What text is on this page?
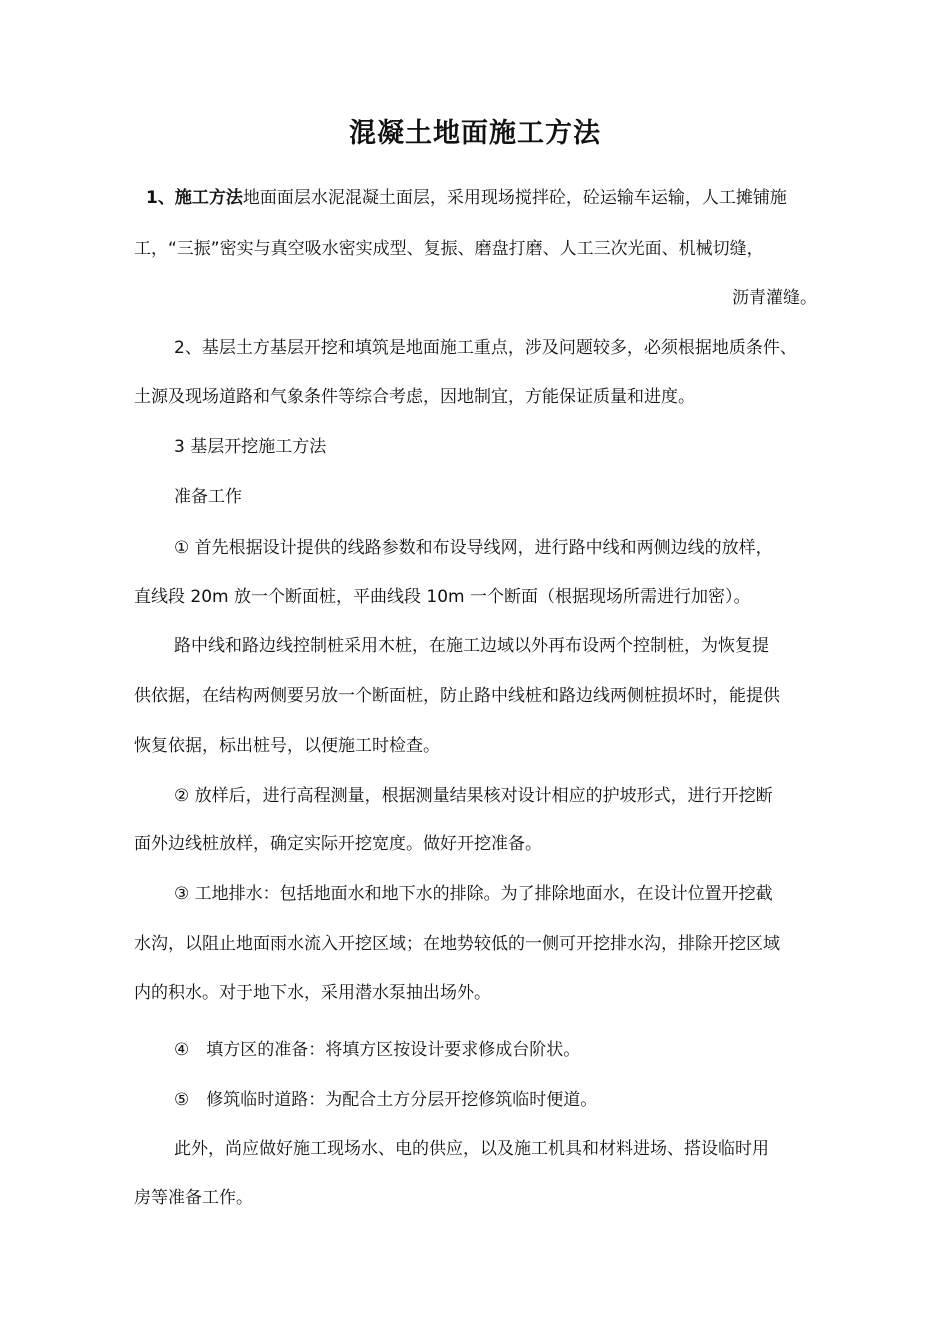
混凝土地面施工方法
1、施工方法地面面层水泥混凝土面层，采用现场搅拌砼，砼运输车运输，人工摊铺施
工，“三振”密实与真空吸水密实成型、复振、磨盘打磨、人工三次光面、机械切缝，
沥青灌缝。
2、基层土方基层开挖和填筑是地面施工重点，涉及问题较多，必须根据地质条件、
土源及现场道路和气象条件等综合考虑，因地制宜，方能保证质量和进度。
3 基层开挖施工方法
准备工作
① 首先根据设计提供的线路参数和布设导线网，进行路中线和两侧边线的放样，
直线段 20m 放一个断面桩，平曲线段 10m 一个断面（根据现场所需进行加密）。
路中线和路边线控制桩采用木桩，在施工边域以外再布设两个控制桩，为恢复提
供依据，在结构两侧要另放一个断面桩，防止路中线桩和路边线两侧桩损坏时，能提供
恢复依据，标出桩号，以便施工时检查。
② 放样后，进行高程测量，根据测量结果核对设计相应的护坡形式，进行开挖断
面外边线桩放样，确定实际开挖宽度。做好开挖准备。
③ 工地排水：包括地面水和地下水的排除。为了排除地面水，在设计位置开挖截
水沟，以阻止地面雨水流入开挖区域；在地势较低的一侧可开挖排水沟，排除开挖区域
内的积水。对于地下水，采用潜水泵抽出场外。
④　填方区的准备：将填方区按设计要求修成台阶状。
⑤　修筑临时道路：为配合土方分层开挖修筑临时便道。
此外，尚应做好施工现场水、电的供应，以及施工机具和材料进场、搭设临时用
房等准备工作。
